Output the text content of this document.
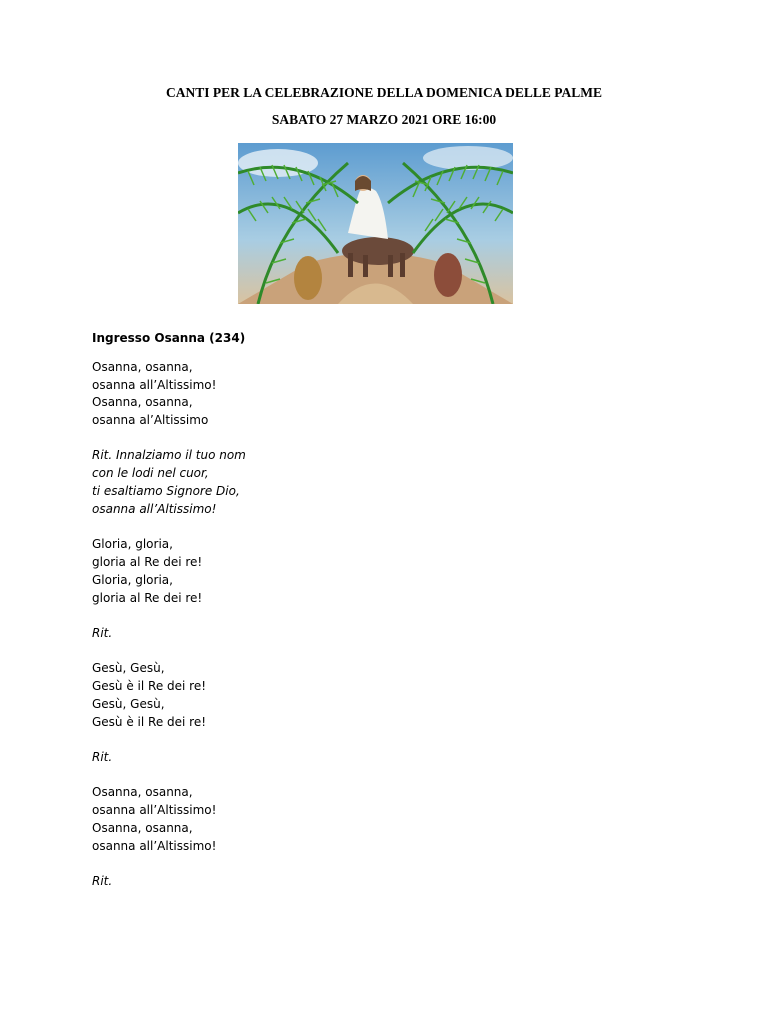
CANTI PER LA CELEBRAZIONE DELLA DOMENICA DELLE PALME
SABATO 27 MARZO 2021 ORE 16:00
Ingresso Osanna (234)
Osanna, osanna,
osanna all’Altissimo!
Osanna, osanna,
osanna al’Altissimo
Rit. Innalziamo il tuo nom
con le lodi nel cuor,
ti esaltiamo Signore Dio,
osanna all’Altissimo!
Gloria, gloria,
gloria al Re dei re!
Gloria, gloria,
gloria al Re dei re!
Rit.
Gesù, Gesù,
Gesù è il Re dei re!
Gesù, Gesù,
Gesù è il Re dei re!
Rit.
Osanna, osanna,
osanna all’Altissimo!
Osanna, osanna,
osanna all’Altissimo!
Rit.
